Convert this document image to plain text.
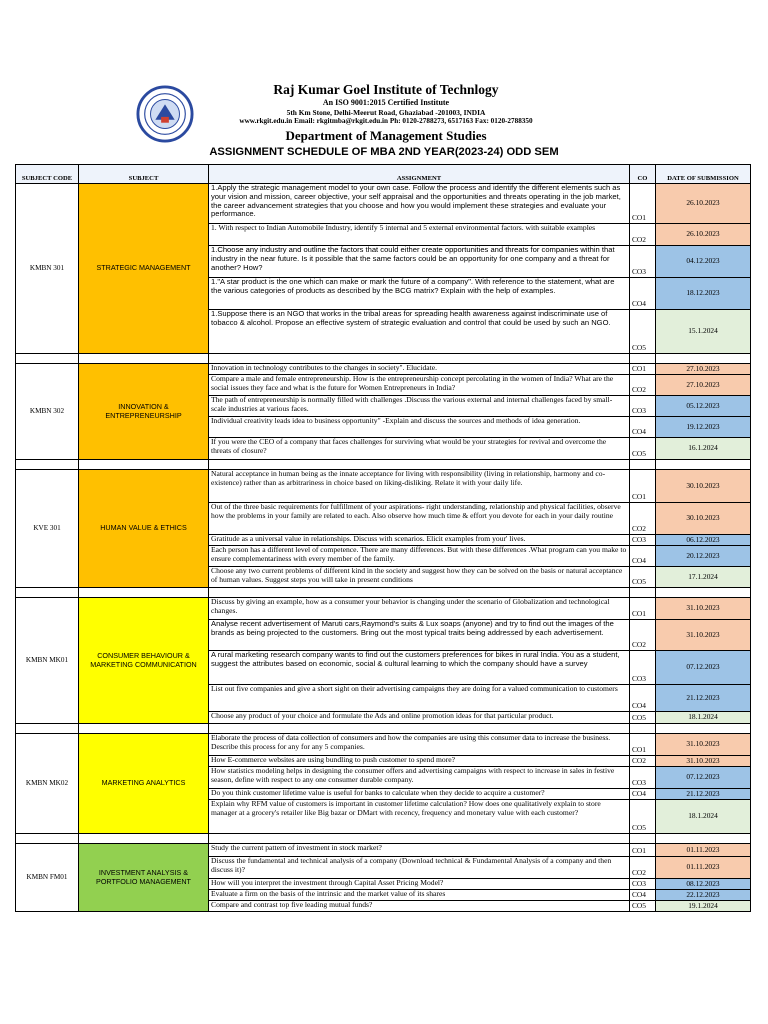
Raj Kumar Goel Institute of Technlogy
An ISO 9001:2015 Certified Institute
5th Km Stone, Delhi-Meerut Road, Ghaziabad -201003, INDIA
www.rkgit.edu.in Email: rkgitmba@rkgit.edu.in Ph: 0120-2788273, 6517163 Fax: 0120-2788350
Department of Management Studies
ASSIGNMENT SCHEDULE OF MBA 2ND YEAR(2023-24) ODD SEM
SUBJECT CODE	SUBJECT	ASSIGNMENT	CO	DATE OF SUBMISSION
KMBN 301	STRATEGIC MANAGEMENT	1.Apply the strategic management model to your own case. Follow the process and identify the different elements such as your vision and mission, career objective, your self appraisal and the opportunities and threats operating in the job market, the career advancement strategies that you choose and how you would implement these strategies and evaluate your performance.	CO1	26.10.2023
		1. With respect to Indian Automobile Industry, identify 5 internal and 5 external environmental factors. with suitable examples	CO2	26.10.2023
		1.Choose any industry and outline the factors that could either create opportunities and threats for companies within that industry in the near future. Is it possible that the same factors could be an opportunity for one company and a threat for another? How?	CO3	04.12.2023
		1."A star product is the one which can make or mark the future of a company". With reference to the statement, what are the various categories of products as described by the BCG matrix? Explain with the help of examples.	CO4	18.12.2023
		1.Suppose there is an NGO that works in the tribal areas for spreading health awareness against indiscriminate use of tobacco & alcohol. Propose an effective system of strategic evaluation and control that could be used by such an NGO.	CO5	15.1.2024

KMBN 302	INNOVATION & ENTREPRENEURSHIP	Innovation in technology contributes to the changes in society". Elucidate.	CO1	27.10.2023
		Compare a male and female entrepreneurship. How is the entrepreneurship concept percolating in the women of India? What are the social issues they face and what is the future for Women Entrepreneurs in India?	CO2	27.10.2023
		The path of entrepreneurship is normally filled with challenges .Discuss the various external and internal challenges faced by small-scale industries at various faces.	CO3	05.12.2023
		Individual creativity leads idea to business opportunity" -Explain and discuss the sources and methods of idea generation.	CO4	19.12.2023
		If you were the CEO of a company that faces challenges for surviving what would be your strategies for revival and overcome the threats of closure?	CO5	16.1.2024

KVE 301	HUMAN VALUE & ETHICS	Natural acceptance in human being as the innate acceptance for living with responsibility (living in relationship, harmony and co-existence) rather than as arbitrariness in choice based on liking-disliking. Relate it with your daily life.	CO1	30.10.2023
		Out of the three basic requirements for fulfillment of your aspirations- right understanding, relationship and physical facilities, observe how the problems in your family are related to each. Also observe how much time & effort you devote for each in your daily routine	CO2	30.10.2023
		Gratitude as a universal value in relationships. Discuss with scenarios. Elicit examples from your' lives.	CO3	06.12.2023
		Each person has a different level of competence. There are many differences. But with these differences .What program can you make to ensure complementariness with every member of the family.	CO4	20.12.2023
		Choose any two current problems of different kind in the society and suggest how they can be solved on the basis or natural acceptance of human values. Suggest steps you will take in present conditions	CO5	17.1.2024

KMBN MK01	CONSUMER BEHAVIOUR & MARKETING COMMUNICATION	Discuss by giving an example, how as a consumer your behavior is changing under the scenario of Globalization and technological changes.	CO1	31.10.2023
		Analyse recent advertisement of Maruti cars,Raymond's suits & Lux soaps (anyone) and try to find out the images of the brands as being projected to the customers. Bring out the most typical traits being addressed by each advertisement.	CO2	31.10.2023
		A rural marketing research company wants to find out the customers preferences for bikes in rural India. You as a student, suggest the attributes based on economic, social & cultural learning to which the company should have a survey	CO3	07.12.2023
		List out five companies and give a short sight on their advertising campaigns they are doing for a valued communication to customers	CO4	21.12.2023
		Choose any product of your choice and formulate the Ads and online promotion ideas for that particular product.	CO5	18.1.2024

KMBN MK02	MARKETING ANALYTICS	Elaborate the process of data collection of consumers and how the companies are using this consumer data to increase the business. Describe this process for any for any 5 companies.	CO1	31.10.2023
		How E-commerce websites are using bundling to push customer to spend more?	CO2	31.10.2023
		How statistics modeling helps in designing the consumer offers and advertising campaigns with respect to increase in sales in festive season, define with respect to any one consumer durable company.	CO3	07.12.2023
		Do you think customer lifetime value is useful for banks to calculate when they decide to acquire a customer?	CO4	21.12.2023
		Explain why RFM value of customers is important in customer lifetime calculation? How does one qualitatively explain to store manager at a grocery's retailer like Big bazar or DMart with recency, frequency and monetary value with each customer?	CO5	18.1.2024

KMBN FM01	INVESTMENT ANALYSIS & PORTFOLIO MANAGEMENT	Study the current pattern of investment in stock market?	CO1	01.11.2023
		Discuss the fundamental and technical analysis of a company (Download technical & Fundamental Analysis of a company and then discuss it)?	CO2	01.11.2023
		How will you interpret the investment through Capital Asset Pricing Model?	CO3	08.12.2023
		Evaluate a firm on the basis of the intrinsic and the market value of its shares	CO4	22.12.2023
		Compare and contrast top five leading mutual funds?	CO5	19.1.2024
